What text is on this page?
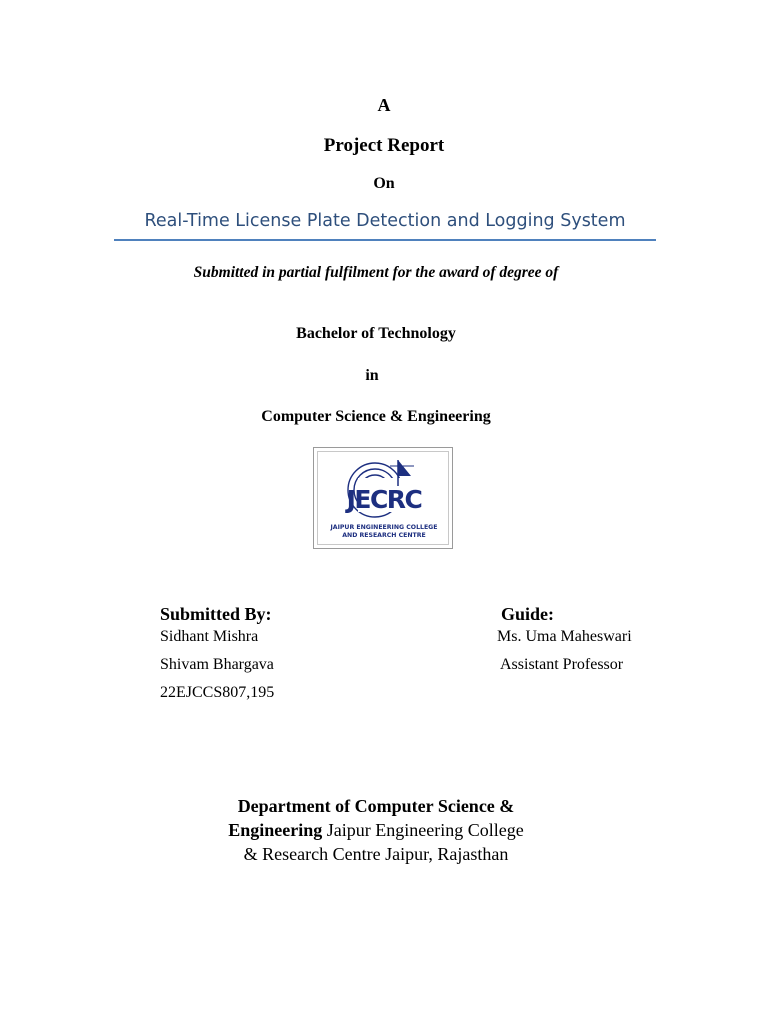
A
Project Report
On
Real-Time License Plate Detection and Logging System
Submitted in partial fulfilment for the award of degree of
Bachelor of Technology
in
Computer Science & Engineering
JECRC
JAIPUR ENGINEERING COLLEGE
AND RESEARCH CENTRE
Submitted By:
Sidhant Mishra
Shivam Bhargava
22EJCCS807,195
Guide:
Ms. Uma Maheswari
Assistant Professor
Department of Computer Science &
Engineering Jaipur Engineering College
& Research Centre Jaipur, Rajasthan
